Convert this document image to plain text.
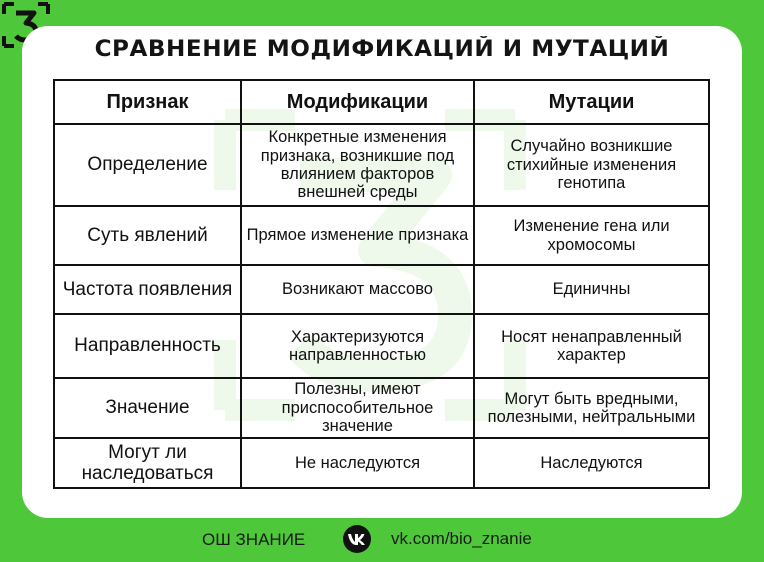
СРАВНЕНИЕ МОДИФИКАЦИЙ И МУТАЦИЙ
Признак	Модификации	Мутации
Определение	Конкретные изменения признака, возникшие под влиянием факторов внешней среды	Случайно возникшие стихийные изменения генотипа
Суть явлений	Прямое изменение признака	Изменение гена или хромосомы
Частота появления	Возникают массово	Единичны
Направленность	Характеризуются направленностью	Носят ненаправленный характер
Значение	Полезны, имеют приспособительное значение	Могут быть вредными, полезными, нейтральными
Могут ли наследоваться	Не наследуются	Наследуются
ОШ ЗНАНИЕ	vk.com/bio_znanie
